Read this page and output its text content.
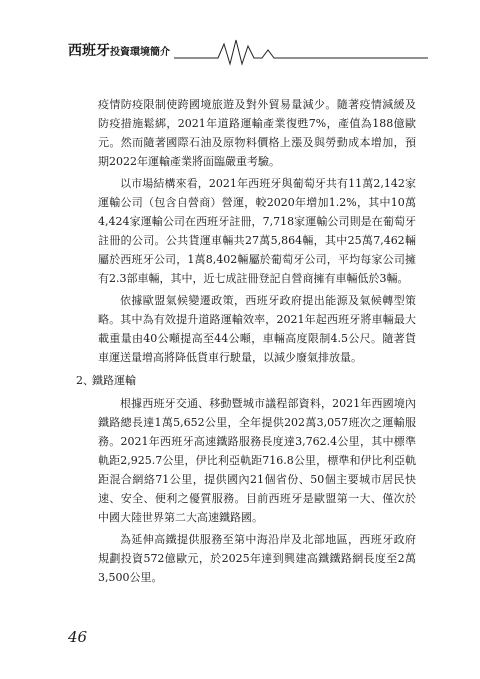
西班牙投資環境簡介

疫情防疫限制使跨國境旅遊及對外貿易量減少。隨著疫情減緩及防疫措施鬆綁，2021年道路運輸產業復甦7%，產值為188億歐元。然而隨著國際石油及原物料價格上漲及與勞動成本增加，預期2022年運輸產業將面臨嚴重考驗。

以市場結構來看，2021年西班牙與葡萄牙共有11萬2,142家運輸公司（包含自營商）營運，較2020年增加1.2%，其中10萬4,424家運輸公司在西班牙註冊，7,718家運輸公司則是在葡萄牙註冊的公司。公共貨運車輛共27萬5,864輛，其中25萬7,462輛屬於西班牙公司，1萬8,402輛屬於葡萄牙公司，平均每家公司擁有2.3部車輛，其中，近七成註冊登記自營商擁有車輛低於3輛。

依據歐盟氣候變遷政策，西班牙政府提出能源及氣候轉型策略。其中為有效提升道路運輸效率，2021年起西班牙將車輛最大載重量由40公噸提高至44公噸，車輛高度限制4.5公尺。隨著貨車運送量增高將降低貨車行駛量，以減少廢氣排放量。

2、
鐵路運輸

根據西班牙交通、移動暨城市議程部資料，2021年西國境內鐵路總長達1萬5,652公里，全年提供202萬3,057班次之運輸服務。2021年西班牙高速鐵路服務長度達3,762.4公里，其中標準軌距2,925.7公里，伊比利亞軌距716.8公里，標準和伊比利亞軌距混合網絡71公里，提供國內21個省份、50個主要城市居民快速、安全、便利之優質服務。目前西班牙是歐盟第一大、僅次於中國大陸世界第二大高速鐵路國。

為延伸高鐵提供服務至第中海沿岸及北部地區，西班牙政府規劃投資572億歐元，於2025年達到興建高鐵鐵路網長度至2萬3,500公里。

46
